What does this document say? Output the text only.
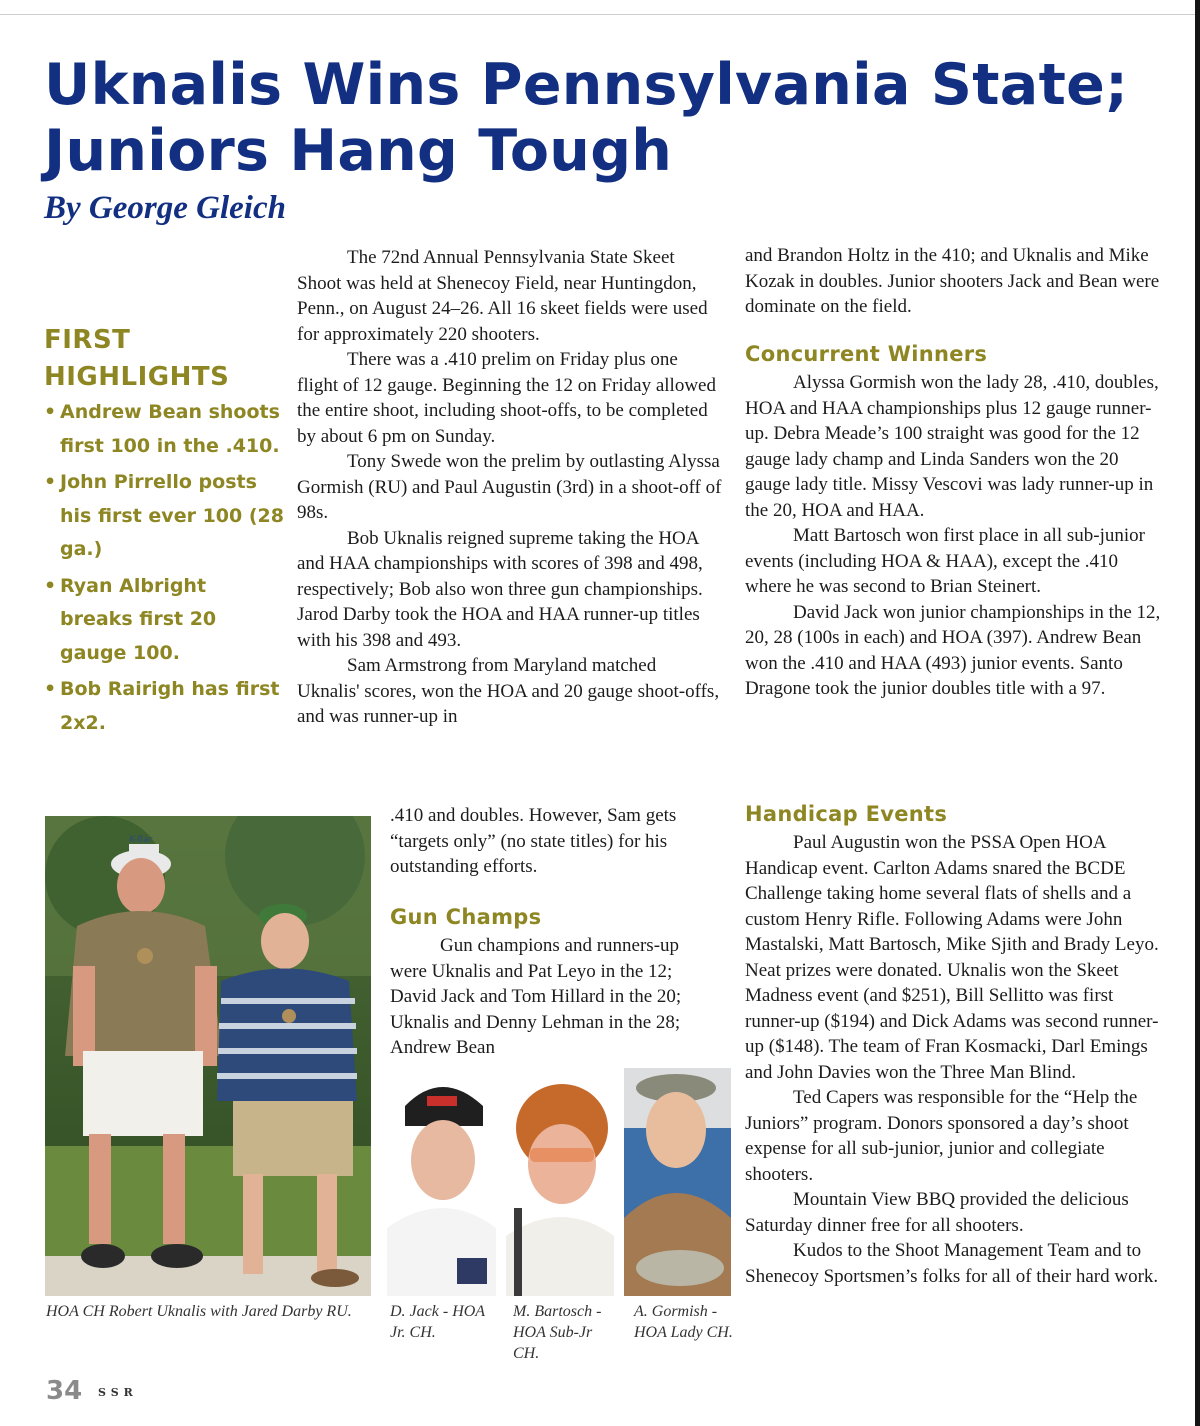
Uknalis Wins Pennsylvania State; Juniors Hang Tough
By George Gleich
FIRST HIGHLIGHTS
• Andrew Bean shoots first 100 in the .410.
• John Pirrello posts his first ever 100 (28 ga.)
• Ryan Albright breaks first 20 gauge 100.
• Bob Rairigh has first 2x2.

The 72nd Annual Pennsylvania State Skeet Shoot was held at Shenecoy Field, near Huntingdon, Penn., on August 24–26. All 16 skeet fields were used for approximately 220 shooters.

There was a .410 prelim on Friday plus one flight of 12 gauge. Beginning the 12 on Friday allowed the entire shoot, including shoot-offs, to be completed by about 6 pm on Sunday.

Tony Swede won the prelim by outlasting Alyssa Gormish (RU) and Paul Augustin (3rd) in a shoot-off of 98s.

Bob Uknalis reigned supreme taking the HOA and HAA championships with scores of 398 and 498, respectively; Bob also won three gun championships. Jarod Darby took the HOA and HAA runner-up titles with his 398 and 493.

Sam Armstrong from Maryland matched Uknalis' scores, won the HOA and 20 gauge shoot-offs, and was runner-up in

.410 and doubles. However, Sam gets “targets only” (no state titles) for his outstanding efforts.

Gun Champs

Gun champions and runners-up were Uknalis and Pat Leyo in the 12; David Jack and Tom Hillard in the 20; Uknalis and Denny Lehman in the 28; Andrew Bean

and Brandon Holtz in the 410; and Uknalis and Mike Kozak in doubles. Junior shooters Jack and Bean were dominate on the field.

Concurrent Winners

Alyssa Gormish won the lady 28, .410, doubles, HOA and HAA championships plus 12 gauge runner-up. Debra Meade’s 100 straight was good for the 12 gauge lady champ and Linda Sanders won the 20 gauge lady title. Missy Vescovi was lady runner-up in the 20, HOA and HAA.

Matt Bartosch won first place in all sub-junior events (including HOA & HAA), except the .410 where he was second to Brian Steinert.

David Jack won junior championships in the 12, 20, 28 (100s in each) and HOA (397). Andrew Bean won the .410 and HAA (493) junior events. Santo Dragone took the junior doubles title with a 97.

Handicap Events

Paul Augustin won the PSSA Open HOA Handicap event. Carlton Adams snared the BCDE Challenge taking home several flats of shells and a custom Henry Rifle. Following Adams were John Mastalski, Matt Bartosch, Mike Sjith and Brady Leyo. Neat prizes were donated. Uknalis won the Skeet Madness event (and $251), Bill Sellitto was first runner-up ($194) and Dick Adams was second runner-up ($148). The team of Fran Kosmacki, Darl Emings and John Davies won the Three Man Blind.

Ted Capers was responsible for the “Help the Juniors” program. Donors sponsored a day’s shoot expense for all sub-junior, junior and collegiate shooters.

Mountain View BBQ provided the delicious Saturday dinner free for all shooters.

Kudos to the Shoot Management Team and to Shenecoy Sportsmen’s folks for all of their hard work.

K-Bar

HOA CH Robert Uknalis with Jared Darby RU.	D. Jack - HOA Jr. CH.

M. Bartosch - HOA Sub-Jr CH.

A. Gormish - HOA Lady CH.

34 SSR
